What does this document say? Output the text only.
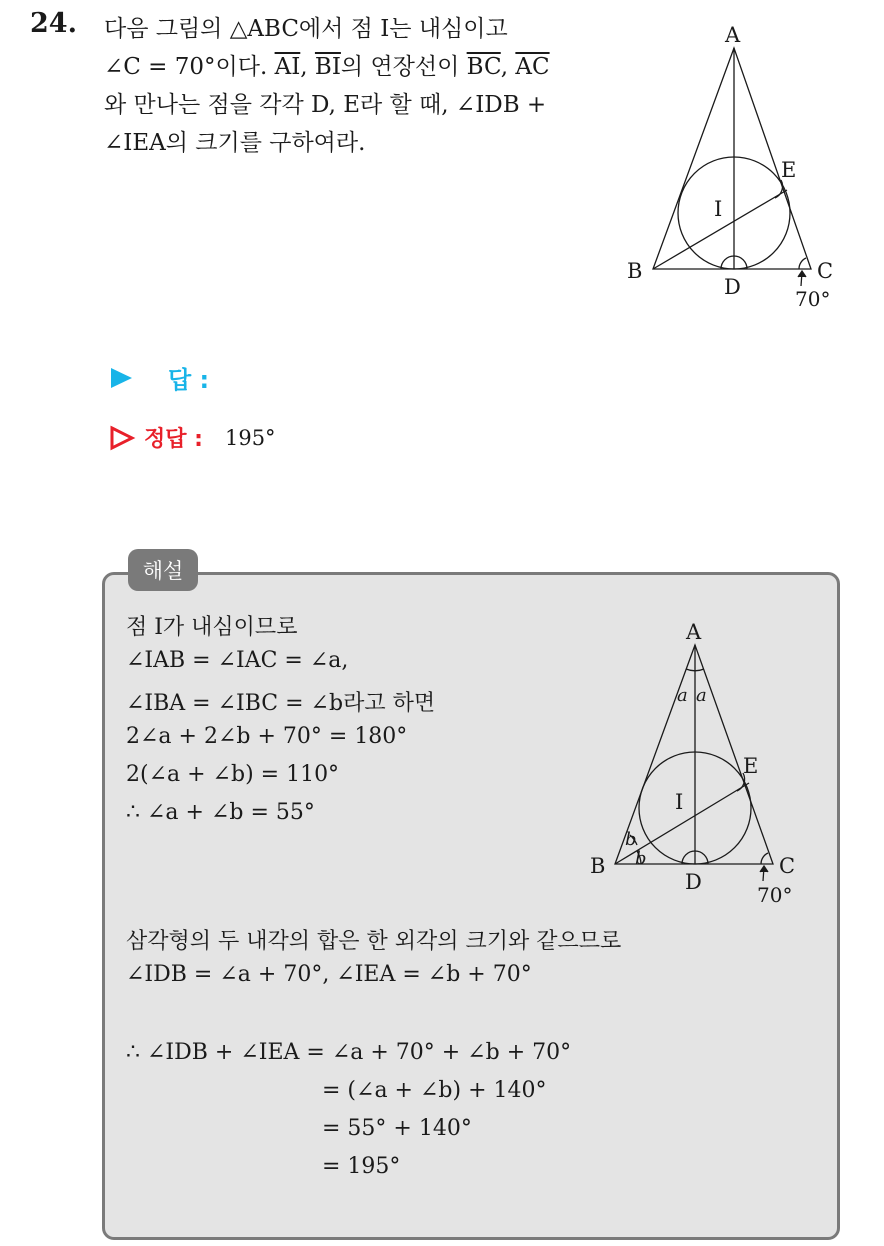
24. 다음 그림의 △ABC에서 점 I는 내심이고
∠C = 70°이다. $\overline{AI}$, $\overline{BI}$의 연장선이 $\overline{BC}$, $\overline{AC}$
와 만나는 점을 각각 D, E라 할 때, ∠IDB +
∠IEA의 크기를 구하여라.
A
B	C
D
E
I
70°
답 :
정답 : 195°
해설
점 I가 내심이므로
∠IAB = ∠IAC = ∠a,
∠IBA = ∠IBC = ∠b라고 하면
2∠a + 2∠b + 70° = 180°
2(∠a + ∠b) = 110°
∴ ∠a + ∠b = 55°
삼각형의 두 내각의 합은 한 외각의 크기와 같으므로
∠IDB = ∠a + 70°, ∠IEA = ∠b + 70°
∴ ∠IDB + ∠IEA = ∠a + 70° + ∠b + 70°
= (∠a + ∠b) + 140°
= 55° + 140°
= 195°
A
B	C
D
E
I
a a
b
b
70°
